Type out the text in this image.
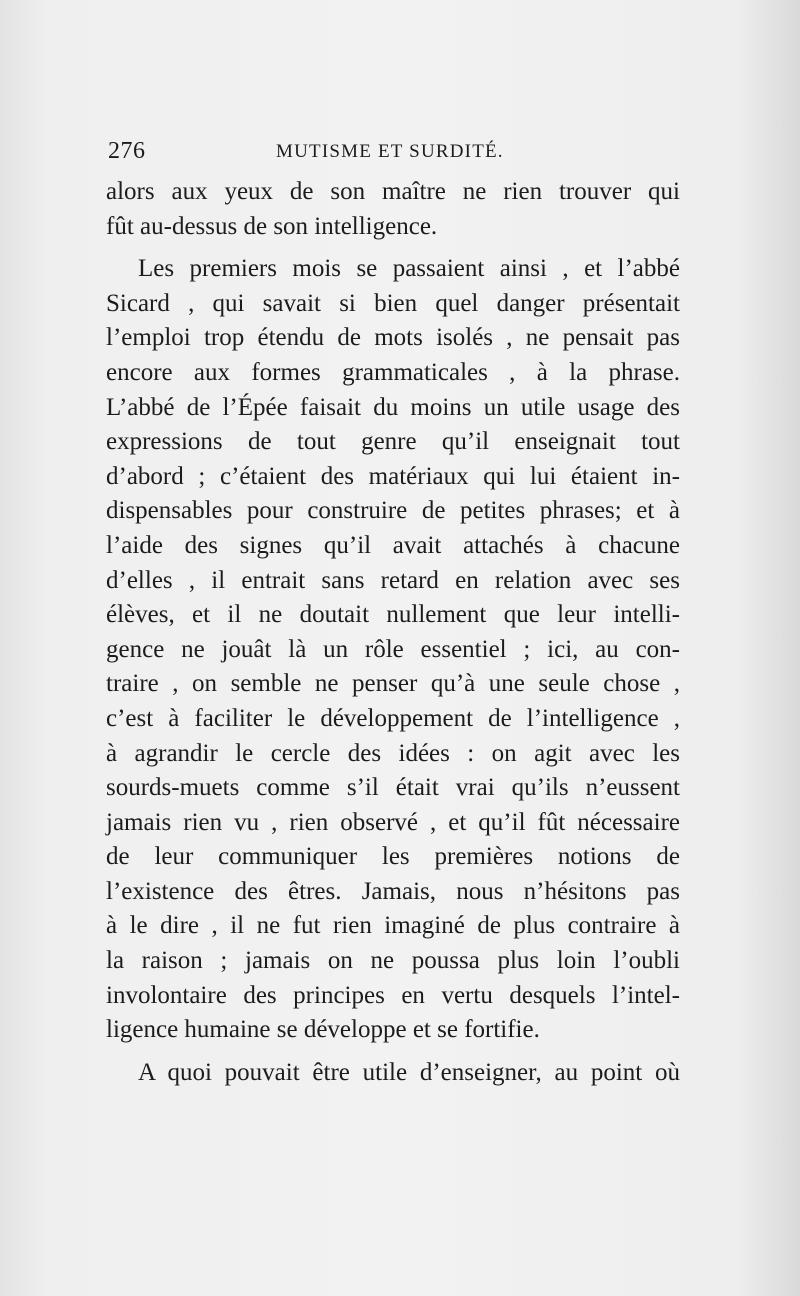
276	MUTISME ET SURDITÉ.
alors aux yeux de son maître ne rien trouver qui
fût au-dessus de son intelligence.
Les premiers mois se passaient ainsi , et l’abbé
Sicard , qui savait si bien quel danger présentait
l’emploi trop étendu de mots isolés , ne pensait pas
encore aux formes grammaticales , à la phrase.
L’abbé de l’Épée faisait du moins un utile usage des
expressions de tout genre qu’il enseignait tout
d’abord ; c’étaient des matériaux qui lui étaient in-
dispensables pour construire de petites phrases; et à
l’aide des signes qu’il avait attachés à chacune
d’elles , il entrait sans retard en relation avec ses
élèves, et il ne doutait nullement que leur intelli-
gence ne jouât là un rôle essentiel ; ici, au con-
traire , on semble ne penser qu’à une seule chose ,
c’est à faciliter le développement de l’intelligence ,
à agrandir le cercle des idées : on agit avec les
sourds-muets comme s’il était vrai qu’ils n’eussent
jamais rien vu , rien observé , et qu’il fût nécessaire
de leur communiquer les premières notions de
l’existence des êtres. Jamais, nous n’hésitons pas
à le dire , il ne fut rien imaginé de plus contraire à
la raison ; jamais on ne poussa plus loin l’oubli
involontaire des principes en vertu desquels l’intel-
ligence humaine se développe et se fortifie.
A quoi pouvait être utile d’enseigner, au point où
